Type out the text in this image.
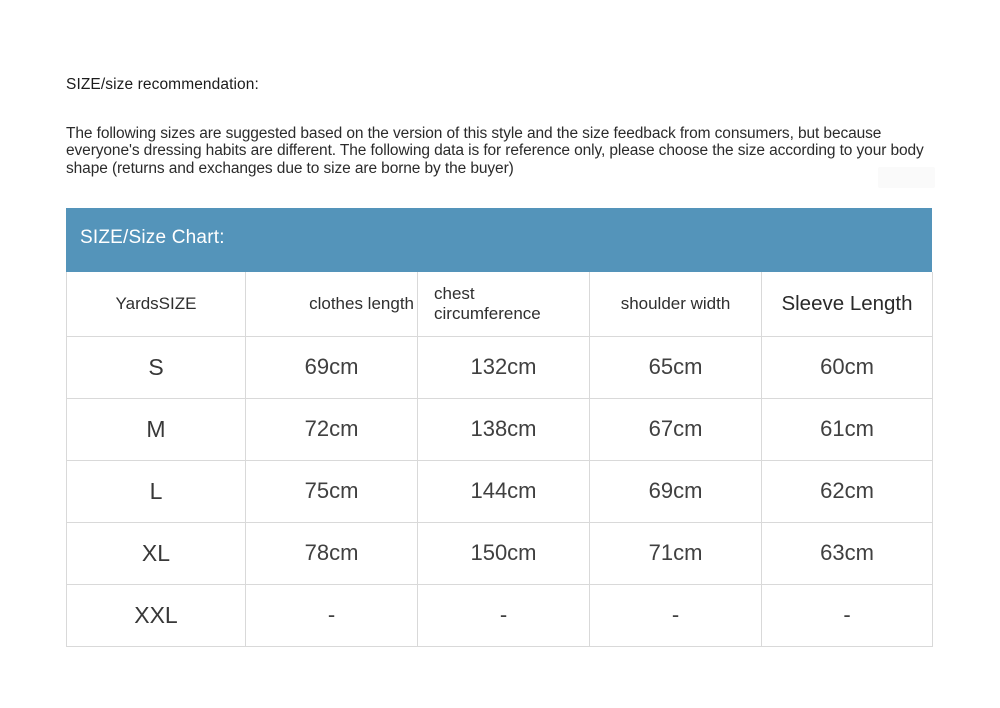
SIZE/size recommendation:
The following sizes are suggested based on the version of this style and the size feedback from consumers, but because everyone's dressing habits are different. The following data is for reference only, please choose the size according to your body shape (returns and exchanges due to size are borne by the buyer)
SIZE/Size Chart:
YardsSIZE	clothes length	chest circumference	shoulder width	Sleeve Length
S	69cm	132cm	65cm	60cm
M	72cm	138cm	67cm	61cm
L	75cm	144cm	69cm	62cm
XL	78cm	150cm	71cm	63cm
XXL	-	-	-	-
